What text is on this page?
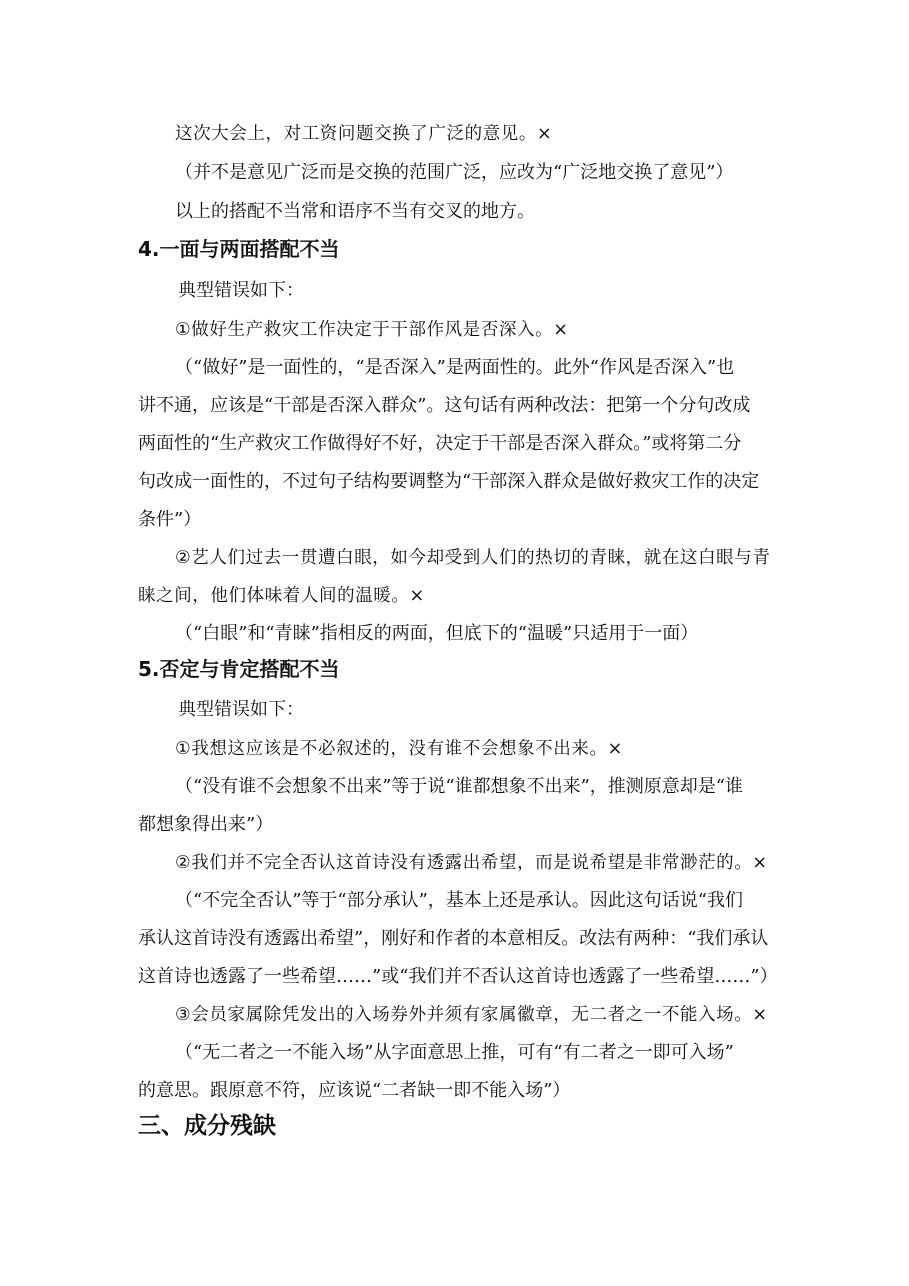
这次大会上，对工资问题交换了广泛的意见。×
（并不是意见广泛而是交换的范围广泛，应改为“广泛地交换了意见”）
以上的搭配不当常和语序不当有交叉的地方。
4.一面与两面搭配不当
典型错误如下：
①做好生产救灾工作决定于干部作风是否深入。×
（“做好”是一面性的，“是否深入”是两面性的。此外“作风是否深入”也
讲不通，应该是“干部是否深入群众”。这句话有两种改法：把第一个分句改成
两面性的“生产救灾工作做得好不好，决定于干部是否深入群众。”或将第二分
句改成一面性的，不过句子结构要调整为“干部深入群众是做好救灾工作的决定
条件”）
②艺人们过去一贯遭白眼，如今却受到人们的热切的青睐，就在这白眼与青
睐之间，他们体味着人间的温暖。×
（“白眼”和“青睐”指相反的两面，但底下的“温暖”只适用于一面）
5.否定与肯定搭配不当
典型错误如下：
①我想这应该是不必叙述的，没有谁不会想象不出来。×
（“没有谁不会想象不出来”等于说“谁都想象不出来”，推测原意却是“谁
都想象得出来”）
②我们并不完全否认这首诗没有透露出希望，而是说希望是非常渺茫的。×
（“不完全否认”等于“部分承认”，基本上还是承认。因此这句话说“我们
承认这首诗没有透露出希望”，刚好和作者的本意相反。改法有两种：“我们承认
这首诗也透露了一些希望……”或“我们并不否认这首诗也透露了一些希望……”）
③会员家属除凭发出的入场券外并须有家属徽章，无二者之一不能入场。×
（“无二者之一不能入场”从字面意思上推，可有“有二者之一即可入场”
的意思。跟原意不符，应该说“二者缺一即不能入场”）
三、成分残缺
